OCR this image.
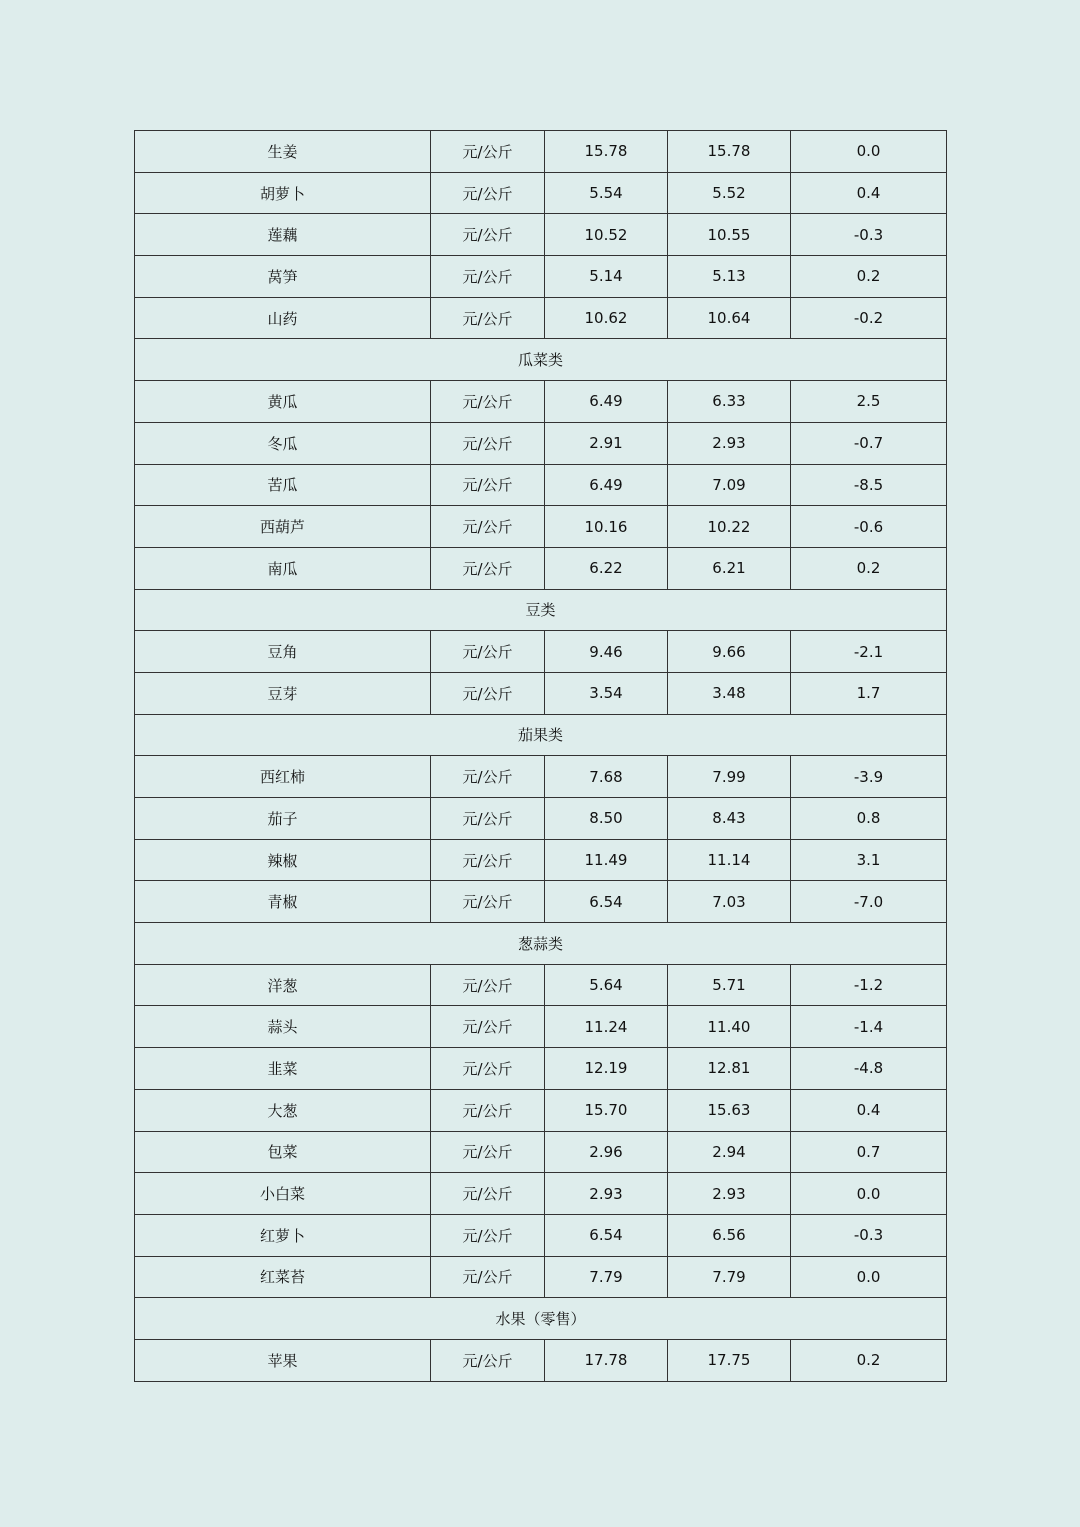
生姜	元/公斤	15.78	15.78	0.0
胡萝卜	元/公斤	5.54	5.52	0.4
莲藕	元/公斤	10.52	10.55	-0.3
莴笋	元/公斤	5.14	5.13	0.2
山药	元/公斤	10.62	10.64	-0.2
瓜菜类				
黄瓜	元/公斤	6.49	6.33	2.5
冬瓜	元/公斤	2.91	2.93	-0.7
苦瓜	元/公斤	6.49	7.09	-8.5
西葫芦	元/公斤	10.16	10.22	-0.6
南瓜	元/公斤	6.22	6.21	0.2
豆类				
豆角	元/公斤	9.46	9.66	-2.1
豆芽	元/公斤	3.54	3.48	1.7
茄果类				
西红柿	元/公斤	7.68	7.99	-3.9
茄子	元/公斤	8.50	8.43	0.8
辣椒	元/公斤	11.49	11.14	3.1
青椒	元/公斤	6.54	7.03	-7.0
葱蒜类				
洋葱	元/公斤	5.64	5.71	-1.2
蒜头	元/公斤	11.24	11.40	-1.4
韭菜	元/公斤	12.19	12.81	-4.8
大葱	元/公斤	15.70	15.63	0.4
包菜	元/公斤	2.96	2.94	0.7
小白菜	元/公斤	2.93	2.93	0.0
红萝卜	元/公斤	6.54	6.56	-0.3
红菜苔	元/公斤	7.79	7.79	0.0
水果（零售）				
苹果	元/公斤	17.78	17.75	0.2
